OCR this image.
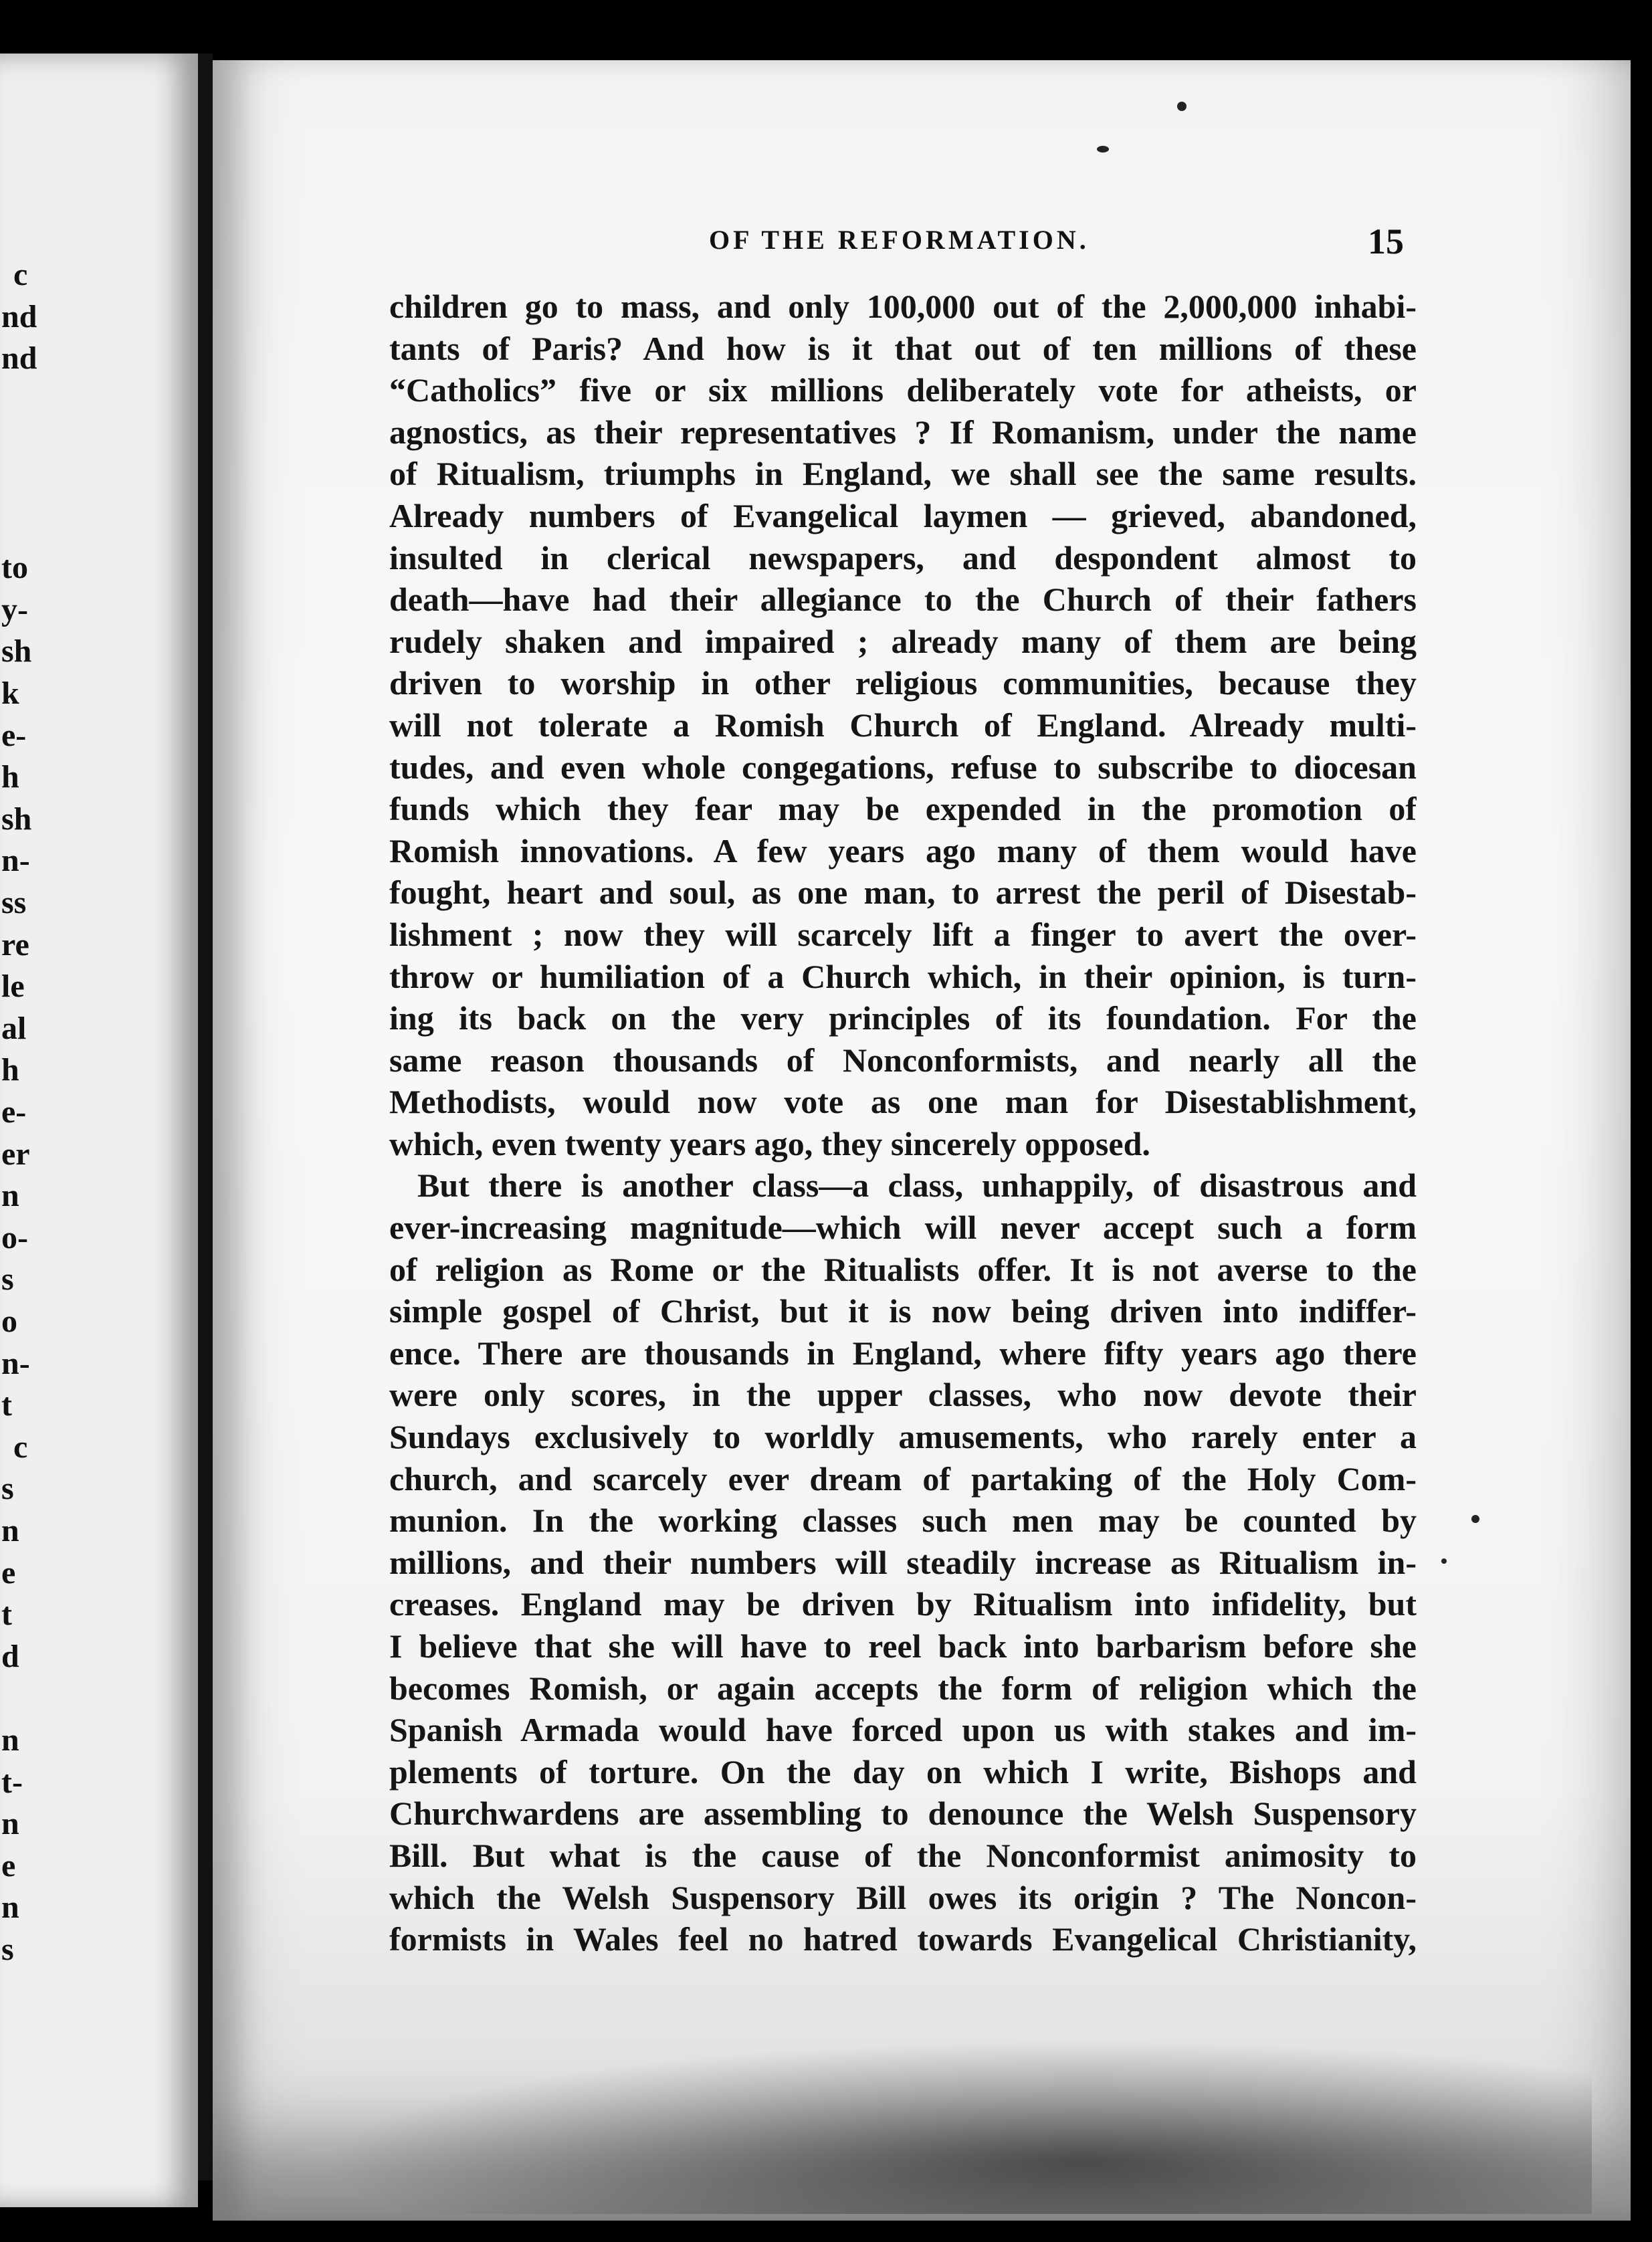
c
nd
nd
to
y-
sh
k
e-
h
sh
n-
ss
re
le
al
h
e-
er
n
o-
s
o
n-
t
c
s
n
e
t
d
n
t-
n
e
n
s
OF THE REFORMATION.	15
children go to mass, and only 100,000 out of the 2,000,000 inhabi-
tants of Paris? And how is it that out of ten millions of these
“Catholics” five or six millions deliberately vote for atheists, or
agnostics, as their representatives ? If Romanism, under the name
of Ritualism, triumphs in England, we shall see the same results.
Already numbers of Evangelical laymen — grieved, abandoned,
insulted in clerical newspapers, and despondent almost to
death—have had their allegiance to the Church of their fathers
rudely shaken and impaired ; already many of them are being
driven to worship in other religious communities, because they
will not tolerate a Romish Church of England. Already multi-
tudes, and even whole congegations, refuse to subscribe to diocesan
funds which they fear may be expended in the promotion of
Romish innovations. A few years ago many of them would have
fought, heart and soul, as one man, to arrest the peril of Disestab-
lishment ; now they will scarcely lift a finger to avert the over-
throw or humiliation of a Church which, in their opinion, is turn-
ing its back on the very principles of its foundation. For the
same reason thousands of Nonconformists, and nearly all the
Methodists, would now vote as one man for Disestablishment,
which, even twenty years ago, they sincerely opposed.
But there is another class—a class, unhappily, of disastrous and
ever-increasing magnitude—which will never accept such a form
of religion as Rome or the Ritualists offer. It is not averse to the
simple gospel of Christ, but it is now being driven into indiffer-
ence. There are thousands in England, where fifty years ago there
were only scores, in the upper classes, who now devote their
Sundays exclusively to worldly amusements, who rarely enter a
church, and scarcely ever dream of partaking of the Holy Com-
munion. In the working classes such men may be counted by
millions, and their numbers will steadily increase as Ritualism in-
creases. England may be driven by Ritualism into infidelity, but
I believe that she will have to reel back into barbarism before she
becomes Romish, or again accepts the form of religion which the
Spanish Armada would have forced upon us with stakes and im-
plements of torture. On the day on which I write, Bishops and
Churchwardens are assembling to denounce the Welsh Suspensory
Bill. But what is the cause of the Nonconformist animosity to
which the Welsh Suspensory Bill owes its origin ? The Noncon-
formists in Wales feel no hatred towards Evangelical Christianity,
